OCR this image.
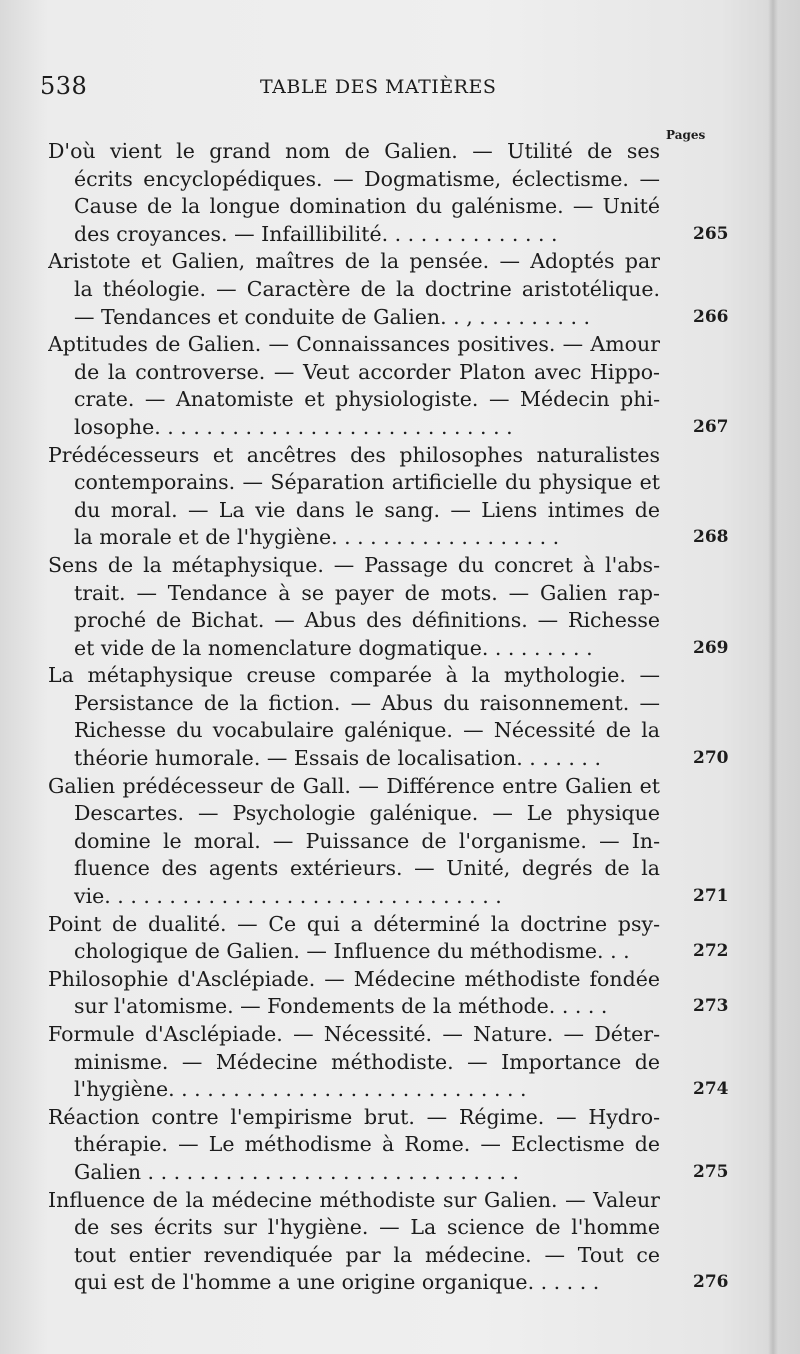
538	TABLE DES MATIÈRES
Pages
D'où vient le grand nom de Galien. — Utilité de ses
écrits encyclopédiques. — Dogmatisme, éclectisme. —
Cause de la longue domination du galénisme. — Unité
des croyances. — Infaillibilité. . . . . . . . . . . . . .	265
Aristote et Galien, maîtres de la pensée. — Adoptés par
la théologie. — Caractère de la doctrine aristotélique.
— Tendances et conduite de Galien. . , . . . . . . . . .	266
Aptitudes de Galien. — Connaissances positives. — Amour
de la controverse. — Veut accorder Platon avec Hippo-
crate. — Anatomiste et physiologiste. — Médecin phi-
losophe. . . . . . . . . . . . . . . . . . . . . . . . . . . .	267
Prédécesseurs et ancêtres des philosophes naturalistes
contemporains. — Séparation artificielle du physique et
du moral. — La vie dans le sang. — Liens intimes de
la morale et de l'hygiène. . . . . . . . . . . . . . . . . .	268
Sens de la métaphysique. — Passage du concret à l'abs-
trait. — Tendance à se payer de mots. — Galien rap-
proché de Bichat. — Abus des définitions. — Richesse
et vide de la nomenclature dogmatique. . . . . . . . .	269
La métaphysique creuse comparée à la mythologie. —
Persistance de la fiction. — Abus du raisonnement. —
Richesse du vocabulaire galénique. — Nécessité de la
théorie humorale. — Essais de localisation. . . . . . .	270
Galien prédécesseur de Gall. — Différence entre Galien et
Descartes. — Psychologie galénique. — Le physique
domine le moral. — Puissance de l'organisme. — In-
fluence des agents extérieurs. — Unité, degrés de la
vie. . . . . . . . . . . . . . . . . . . . . . . . . . . . . . .	271
Point de dualité. — Ce qui a déterminé la doctrine psy-
chologique de Galien. — Influence du méthodisme. . .	272
Philosophie d'Asclépiade. — Médecine méthodiste fondée
sur l'atomisme. — Fondements de la méthode. . . . .	273
Formule d'Asclépiade. — Nécessité. — Nature. — Déter-
minisme. — Médecine méthodiste. — Importance de
l'hygiène. . . . . . . . . . . . . . . . . . . . . . . . . . . .	274
Réaction contre l'empirisme brut. — Régime. — Hydro-
thérapie. — Le méthodisme à Rome. — Eclectisme de
Galien . . . . . . . . . . . . . . . . . . . . . . . . . . . . .	275
Influence de la médecine méthodiste sur Galien. — Valeur
de ses écrits sur l'hygiène. — La science de l'homme
tout entier revendiquée par la médecine. — Tout ce
qui est de l'homme a une origine organique. . . . . .	276
